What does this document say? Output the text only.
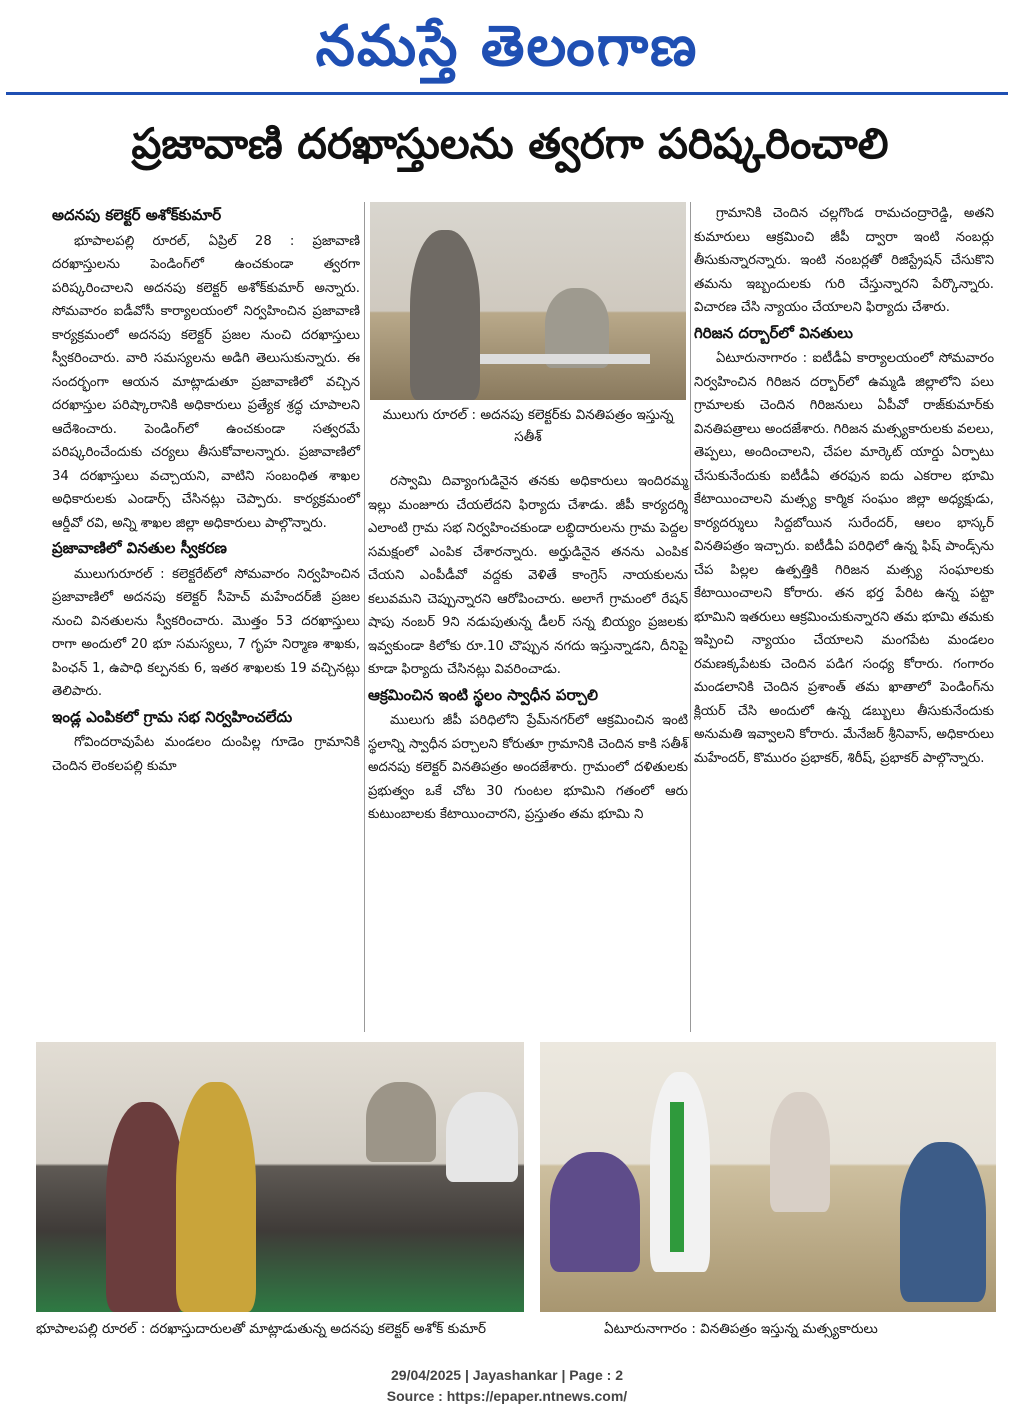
నమస్తే తెలంగాణ
ప్రజావాణి దరఖాస్తులను త్వరగా పరిష్కరించాలి
అదనపు కలెక్టర్ అశోక్‌కుమార్

భూపాలపల్లి రూరల్, ఏప్రిల్ 28 : ప్రజావాణి దరఖాస్తులను పెండింగ్‌లో ఉంచకుండా త్వరగా పరిష్కరించాలని అదనపు కలెక్టర్ అశోక్‌కుమార్ అన్నారు. సోమవారం ఐడీవోసీ కార్యాలయంలో నిర్వహించిన ప్రజావాణి కార్యక్రమంలో అదనపు కలెక్టర్ ప్రజల నుంచి దరఖాస్తులు స్వీకరించారు. వారి సమస్యలను అడిగి తెలుసుకున్నారు. ఈ సందర్భంగా ఆయన మాట్లాడుతూ ప్రజావాణిలో వచ్చిన దరఖాస్తుల పరిష్కారానికి అధికారులు ప్రత్యేక శ్రద్ధ చూపాలని ఆదేశించారు. పెండింగ్‌లో ఉంచకుండా సత్వరమే పరిష్కరించేందుకు చర్యలు తీసుకోవాలన్నారు. ప్రజావాణిలో 34 దరఖాస్తులు వచ్చాయని, వాటిని సంబంధిత శాఖల అధికారులకు ఎండార్స్ చేసినట్లు చెప్పారు. కార్యక్రమంలో ఆర్డీవో రవి, అన్ని శాఖల జిల్లా అధికారులు పాల్గొన్నారు.

ప్రజావాణిలో వినతుల స్వీకరణ

ములుగురూరల్ : కలెక్టరేట్‌లో సోమవారం నిర్వహించిన ప్రజావాణిలో అదనపు కలెక్టర్ సీహెచ్ మహేందర్‌జీ ప్రజల నుంచి వినతులను స్వీకరించారు. మొత్తం 53 దరఖాస్తులు రాగా అందులో 20 భూ సమస్యలు, 7 గృహ నిర్మాణ శాఖకు, పింఛన్ 1, ఉపాధి కల్పనకు 6, ఇతర శాఖలకు 19 వచ్చినట్లు తెలిపారు.

ఇండ్ల ఎంపికలో గ్రామ సభ నిర్వహించలేదు

గోవిందరావుపేట మండలం దుంపిల్ల గూడెం గ్రామానికి చెందిన లెంకలపల్లి కుమా

ములుగు రూరల్ : అదనపు కలెక్టర్‌కు వినతిపత్రం ఇస్తున్న సతీశ్

రస్వామి దివ్యాంగుడినైన తనకు అధికారులు ఇందిరమ్మ ఇల్లు మంజూరు చేయలేదని ఫిర్యాదు చేశాడు. జీపీ కార్యదర్శి ఎలాంటి గ్రామ సభ నిర్వహించకుండా లబ్ధిదారులను గ్రామ పెద్దల సమక్షంలో ఎంపిక చేశారన్నారు. అర్హుడినైన తనను ఎంపిక చేయని ఎంపీడీవో వద్దకు వెళితే కాంగ్రెస్ నాయకులను కలువమని చెప్పున్నారని ఆరోపించారు. అలాగే గ్రామంలో రేషన్ షాపు నంబర్ 9ని నడుపుతున్న డీలర్ సన్న బియ్యం ప్రజలకు ఇవ్వకుండా కిలోకు రూ.10 చొప్పున నగదు ఇస్తున్నాడని, దీనిపై కూడా ఫిర్యాదు చేసినట్లు వివరించాడు.

ఆక్రమించిన ఇంటి స్థలం స్వాధీన పర్చాలి

ములుగు జీపీ పరిధిలోని ప్రేమ్‌నగర్‌లో ఆక్రమించిన ఇంటి స్థలాన్ని స్వాధీన పర్చాలని కోరుతూ గ్రామానికి చెందిన కాకి సతీశ్ అదనపు కలెక్టర్ వినతిపత్రం అందజేశారు. గ్రామంలో దళితులకు ప్రభుత్వం ఒకే చోట 30 గుంటల భూమిని గతంలో ఆరు కుటుంబాలకు కేటాయించారని, ప్రస్తుతం తమ భూమి ని

గ్రామానికి చెందిన చల్లగొండ రామచంద్రారెడ్డి, అతని కుమారులు ఆక్రమించి జీపీ ద్వారా ఇంటి నంబర్లు తీసుకున్నారన్నారు. ఇంటి నంబర్లతో రిజిస్ట్రేషన్ చేసుకొని తమను ఇబ్బందులకు గురి చేస్తున్నారని పేర్కొన్నారు. విచారణ చేసి న్యాయం చేయాలని ఫిర్యాదు చేశారు.

గిరిజన దర్బార్‌లో వినతులు

ఏటూరునాగారం : ఐటీడీఏ కార్యాలయంలో సోమవారం నిర్వహించిన గిరిజన దర్బార్‌లో ఉమ్మడి జిల్లాలోని పలు గ్రామాలకు చెందిన గిరిజనులు ఏపీవో రాజ్‌కుమార్‌కు వినతిపత్రాలు అందజేశారు. గిరిజన మత్స్యకారులకు వలలు, తెప్పలు, అందించాలని, చేపల మార్కెట్ యార్డు ఏర్పాటు చేసుకునేందుకు ఐటీడీఏ తరఫున ఐదు ఎకరాల భూమి కేటాయించాలని మత్స్య కార్మిక సంఘం జిల్లా అధ్యక్షుడు, కార్యదర్శులు సిద్దబోయిన సురేందర్, ఆలం భాస్కర్ వినతిపత్రం ఇచ్చారు. ఐటీడీఏ పరిధిలో ఉన్న ఫిష్ పాండ్స్‌ను చేప పిల్లల ఉత్పత్తికి గిరిజన మత్స్య సంఘాలకు కేటాయించాలని కోరారు. తన భర్త పేరిట ఉన్న పట్టా భూమిని ఇతరులు ఆక్రమించుకున్నారని తమ భూమి తమకు ఇప్పించి న్యాయం చేయాలని మంగపేట మండలం రమణక్కపేటకు చెందిన పడిగ సంధ్య కోరారు. గంగారం మండలానికి చెందిన ప్రశాంత్ తమ ఖాతాలో పెండింగ్‌ను క్లియర్ చేసి అందులో ఉన్న డబ్బులు తీసుకునేందుకు అనుమతి ఇవ్వాలని కోరారు. మేనేజర్ శ్రీనివాస్, అధికారులు మహేందర్, కొమురం ప్రభాకర్, శిరీష్, ప్రభాకర్ పాల్గొన్నారు.

భూపాలపల్లి రూరల్ : దరఖాస్తుదారులతో మాట్లాడుతున్న అదనపు కలెక్టర్ అశోక్ కుమార్	ఏటూరునాగారం : వినతిపత్రం ఇస్తున్న మత్స్యకారులు
29/04/2025 | Jayashankar | Page : 2
Source : https://epaper.ntnews.com/
